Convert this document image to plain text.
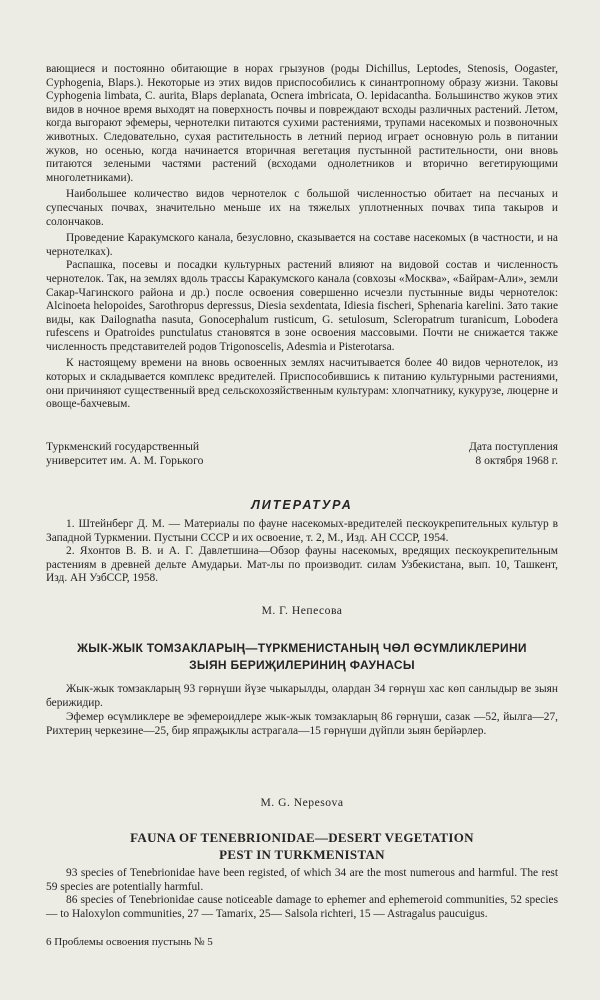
вающиеся и постоянно обитающие в норах грызунов (роды Dichillus, Leptodes, Stenosis, Oogaster, Cyphogenia, Blaps.). Некоторые из этих видов приспособились к синантропному образу жизни. Таковы Cyphogenia limbata, C. aurita, Blaps deplanata, Ocnera imbricata, O. lepidacantha. Большинство жуков этих видов в ночное время выходят на поверхность почвы и повреждают всходы различных растений. Летом, когда выгорают эфемеры, чернотелки питаются сухими растениями, трупами насекомых и позвоночных животных. Следовательно, сухая растительность в летний период играет основную роль в питании жуков, но осенью, когда начинается вторичная вегетация пустынной растительности, они вновь питаются зелеными частями растений (всходами однолетников и вторично вегетирующими многолетниками).

Наибольшее количество видов чернотелок с большой численностью обитает на песчаных и супесчаных почвах, значительно меньше их на тяжелых уплотненных почвах типа такыров и солончаков.

Проведение Каракумского канала, безусловно, сказывается на составе насекомых (в частности, и на чернотелках).

Распашка, посевы и посадки культурных растений влияют на видовой состав и численность чернотелок. Так, на землях вдоль трассы Каракумского канала (совхозы «Москва», «Байрам-Али», земли Сакар-Чагинского района и др.) после освоения совершенно исчезли пустынные виды чернотелок: Alcinoeta helopoides, Sarothropus depressus, Diesia sexdentata, Idiesia fischeri, Sphenaria karelini. Зато такие виды, как Dailognatha nasuta, Gonocephalum rusticum, G. setulosum, Scleropatrum turanicum, Lobodera rufescens и Opatroides punctulatus становятся в зоне освоения массовыми. Почти не снижается также численность представителей родов Trigonoscelis, Adesmia и Pisterotarsa.

К настоящему времени на вновь освоенных землях насчитывается более 40 видов чернотелок, из которых и складывается комплекс вредителей. Приспособившись к питанию культурными растениями, они причиняют существенный вред сельскохозяйственным культурам: хлопчатнику, кукурузе, люцерне и овоще-бахчевым.

Туркменский государственный
университет им. А. М. Горького
Дата поступления
8 октября 1968 г.
ЛИТЕРАТУРА

1. Штейнберг Д. М. — Материалы по фауне насекомых-вредителей пескоукрепительных культур в Западной Туркмении. Пустыни СССР и их освоение, т. 2, М., Изд. АН СССР, 1954.

2. Яхонтов В. В. и А. Г. Давлетшина—Обзор фауны насекомых, вредящих пескоукрепительным растениям в древней дельте Амударьи. Мат-лы по производит. силам Узбекистана, вып. 10, Ташкент, Изд. АН УзбССР, 1958.

М. Г. Непесова
ЖЫК-ЖЫК ТОМЗАКЛАРЫҢ—ТҮРКМЕНИСТАНЫҢ ЧӨЛ ӨСҮМЛИКЛЕРИНИ
ЗЫЯН БЕРИҖИЛЕРИНИҢ ФАУНАСЫ

Жык-жык томзакларың 93 гөрнүши йүзе чыкарылды, олардан 34 гөрнүш хас көп санлыдыр ве зыян берижидир.

Эфемер өсүмликлере ве эфемероидлере жык-жык томзакларың 86 гөрнүши, сазак —52, йылгa—27, Рихтериң черкезине—25, бир япраҗыклы астрагала—15 гөрнүши дүйпли зыян берйәрлер.

M. G. Nepesova
FAUNA OF TENEBRIONIDAE—DESERT VEGETATION
PEST IN TURKMENISTAN

93 species of Tenebrionidae have been registed, of which 34 are the most numerous and harmful. The rest 59 species are potentially harmful.

86 species of Tenebrionidae cause noticeable damage to ephemer and ephemeroid communities, 52 species — to Haloxylon communities, 27 — Tamarix, 25— Salsola richteri, 15 — Astragalus paucuigus.

6 Проблемы освоения пустынь № 5
